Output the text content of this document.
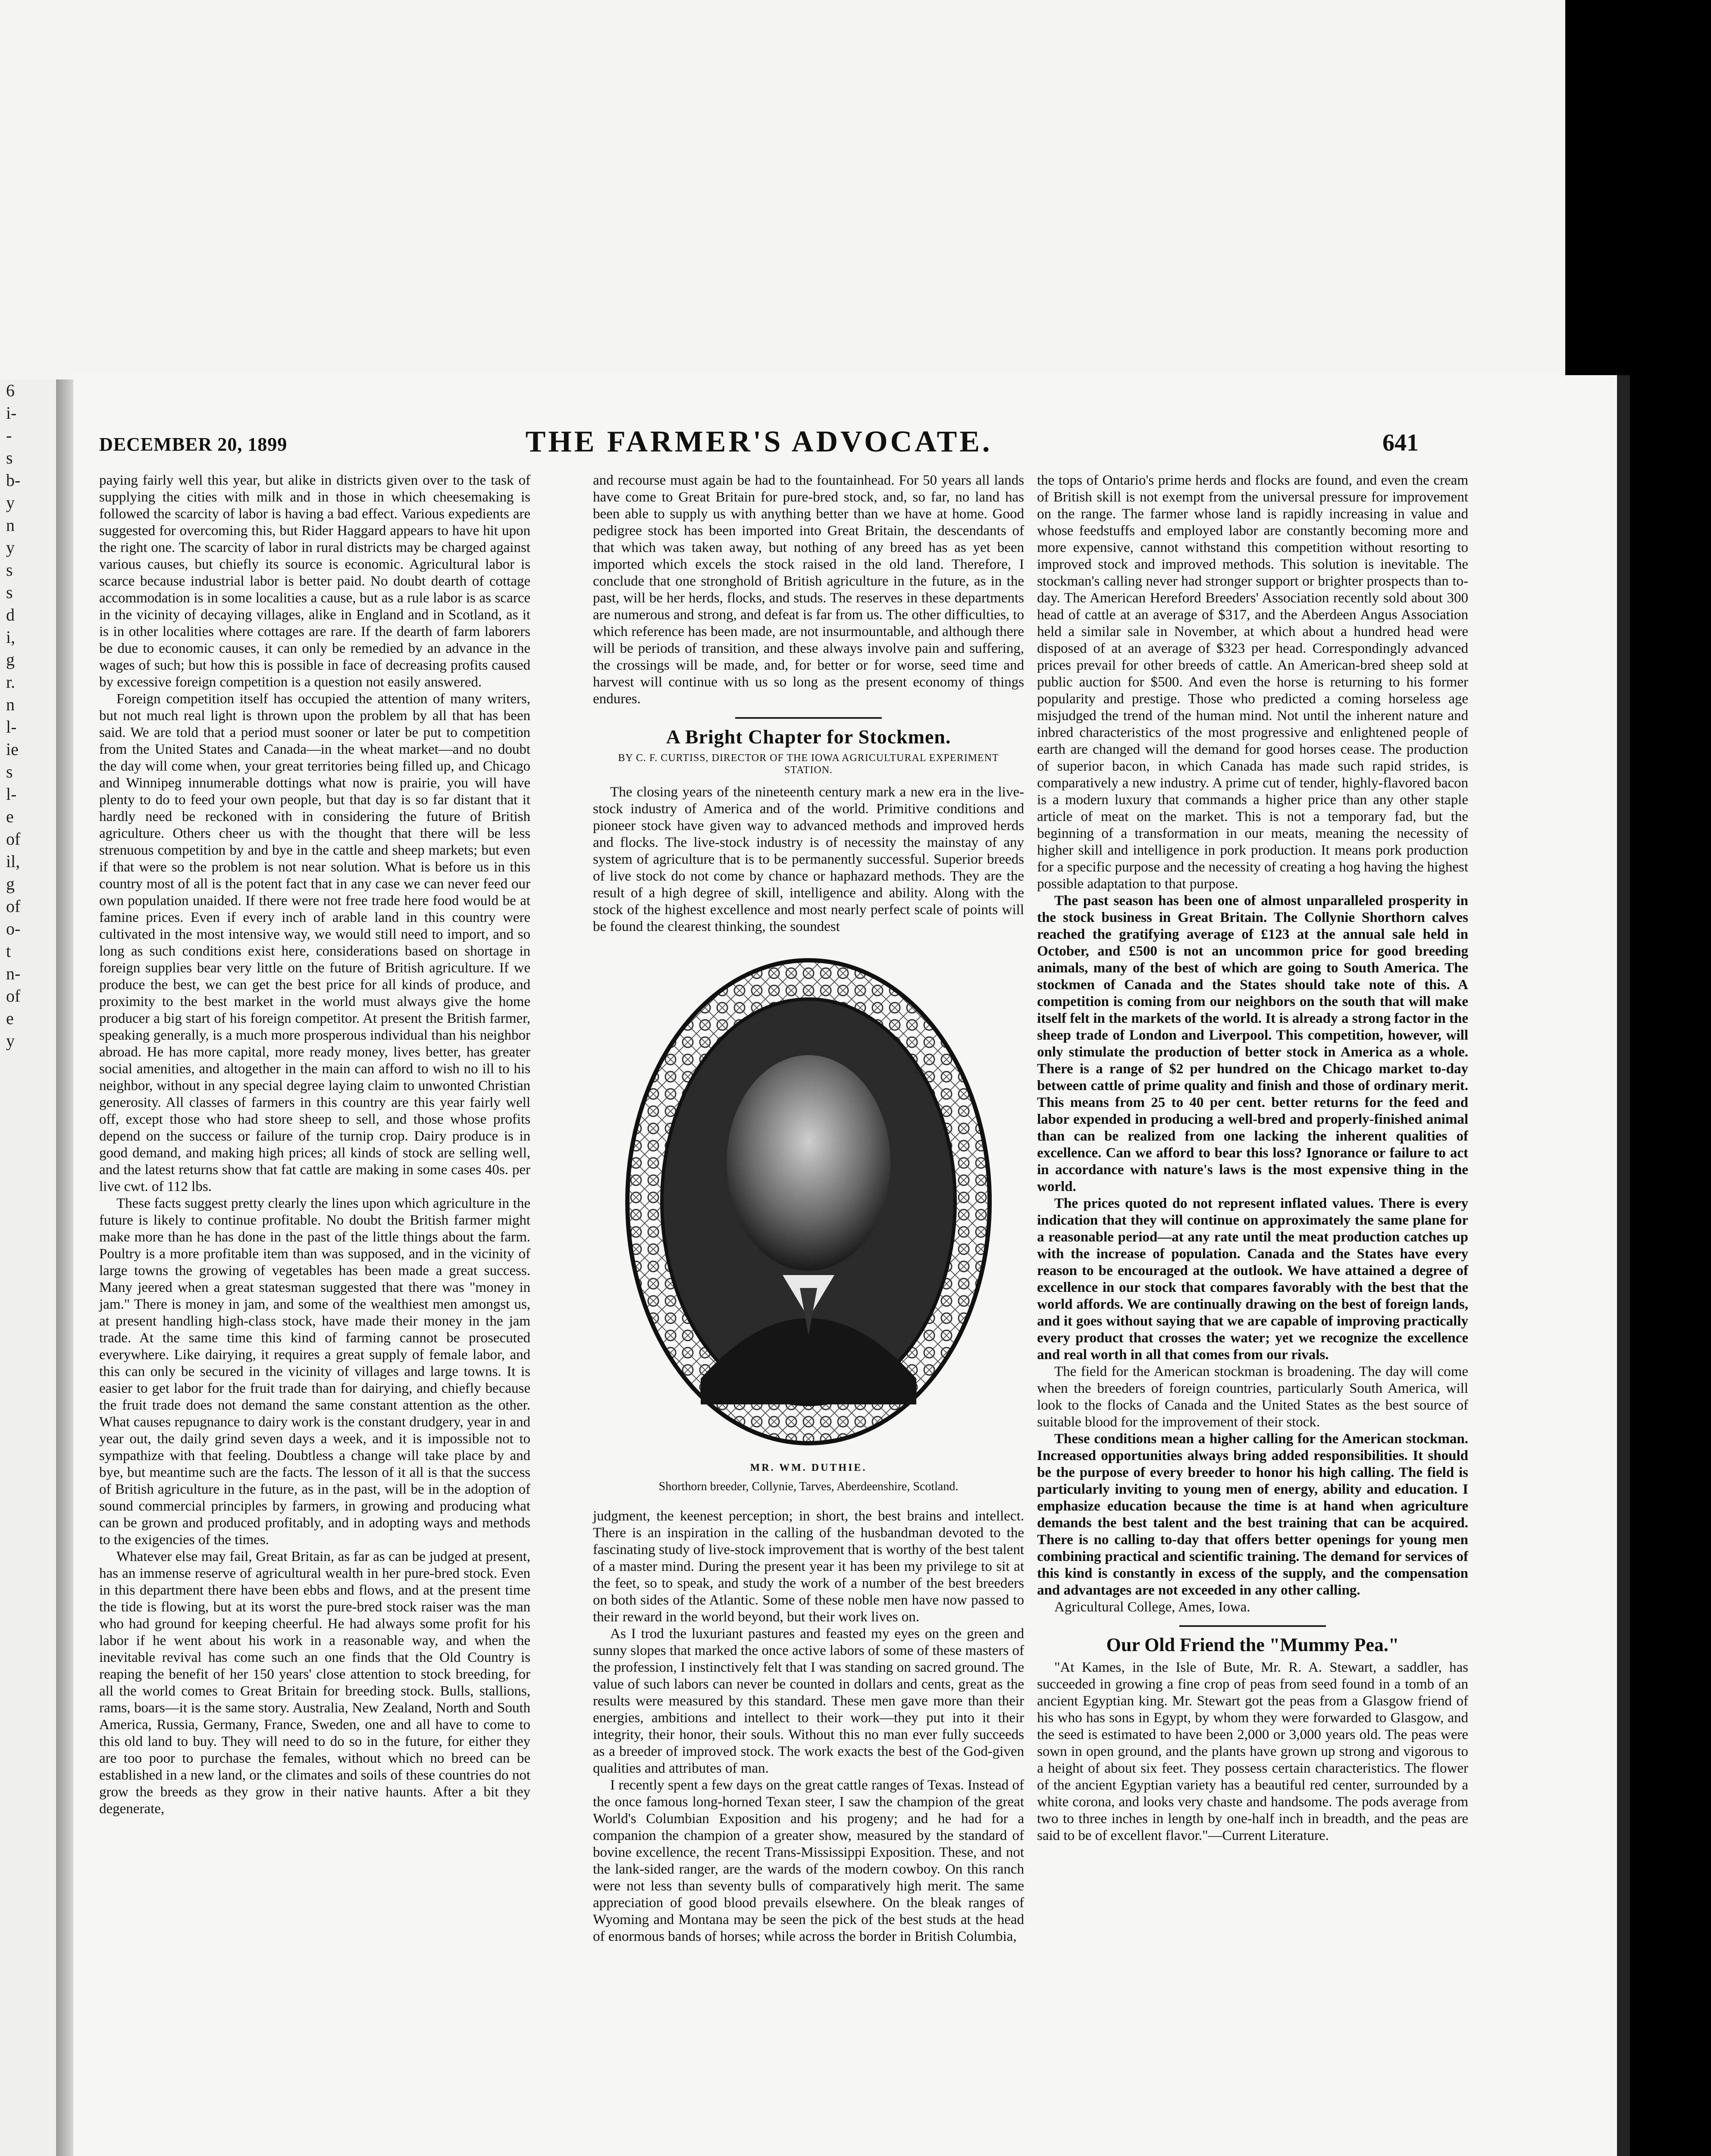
6
i-
-
s
b-
y
n
y
s
s
d
i,
g
r.
n
l-
ie
s
l-
e
of
il,
g
of
o-
t
n-
of
e
y
DECEMBER 20, 1899	THE FARMER'S ADVOCATE.	641

paying fairly well this year, but alike in districts given over to the task of supplying the cities with milk and in those in which cheesemaking is followed the scarcity of labor is having a bad effect. Various expedients are suggested for overcoming this, but Rider Haggard appears to have hit upon the right one. The scarcity of labor in rural districts may be charged against various causes, but chiefly its source is economic. Agricultural labor is scarce because industrial labor is better paid. No doubt dearth of cottage accommodation is in some localities a cause, but as a rule labor is as scarce in the vicinity of decaying villages, alike in England and in Scotland, as it is in other localities where cottages are rare. If the dearth of farm laborers be due to economic causes, it can only be remedied by an advance in the wages of such; but how this is possible in face of decreasing profits caused by excessive foreign competition is a question not easily answered.

Foreign competition itself has occupied the attention of many writers, but not much real light is thrown upon the problem by all that has been said. We are told that a period must sooner or later be put to competition from the United States and Canada—in the wheat market—and no doubt the day will come when, your great territories being filled up, and Chicago and Winnipeg innumerable dottings what now is prairie, you will have plenty to do to feed your own people, but that day is so far distant that it hardly need be reckoned with in considering the future of British agriculture. Others cheer us with the thought that there will be less strenuous competition by and bye in the cattle and sheep markets; but even if that were so the problem is not near solution. What is before us in this country most of all is the potent fact that in any case we can never feed our own population unaided. If there were not free trade here food would be at famine prices. Even if every inch of arable land in this country were cultivated in the most intensive way, we would still need to import, and so long as such conditions exist here, considerations based on shortage in foreign supplies bear very little on the future of British agriculture. If we produce the best, we can get the best price for all kinds of produce, and proximity to the best market in the world must always give the home producer a big start of his foreign competitor. At present the British farmer, speaking generally, is a much more prosperous individual than his neighbor abroad. He has more capital, more ready money, lives better, has greater social amenities, and altogether in the main can afford to wish no ill to his neighbor, without in any special degree laying claim to unwonted Christian generosity. All classes of farmers in this country are this year fairly well off, except those who had store sheep to sell, and those whose profits depend on the success or failure of the turnip crop. Dairy produce is in good demand, and making high prices; all kinds of stock are selling well, and the latest returns show that fat cattle are making in some cases 40s. per live cwt. of 112 lbs.

These facts suggest pretty clearly the lines upon which agriculture in the future is likely to continue profitable. No doubt the British farmer might make more than he has done in the past of the little things about the farm. Poultry is a more profitable item than was supposed, and in the vicinity of large towns the growing of vegetables has been made a great success. Many jeered when a great statesman suggested that there was "money in jam." There is money in jam, and some of the wealthiest men amongst us, at present handling high-class stock, have made their money in the jam trade. At the same time this kind of farming cannot be prosecuted everywhere. Like dairying, it requires a great supply of female labor, and this can only be secured in the vicinity of villages and large towns. It is easier to get labor for the fruit trade than for dairying, and chiefly because the fruit trade does not demand the same constant attention as the other. What causes repugnance to dairy work is the constant drudgery, year in and year out, the daily grind seven days a week, and it is impossible not to sympathize with that feeling. Doubtless a change will take place by and bye, but meantime such are the facts. The lesson of it all is that the success of British agriculture in the future, as in the past, will be in the adoption of sound commercial principles by farmers, in growing and producing what can be grown and produced profitably, and in adopting ways and methods to the exigencies of the times.

Whatever else may fail, Great Britain, as far as can be judged at present, has an immense reserve of agricultural wealth in her pure-bred stock. Even in this department there have been ebbs and flows, and at the present time the tide is flowing, but at its worst the pure-bred stock raiser was the man who had ground for keeping cheerful. He had always some profit for his labor if he went about his work in a reasonable way, and when the inevitable revival has come such an one finds that the Old Country is reaping the benefit of her 150 years' close attention to stock breeding, for all the world comes to Great Britain for breeding stock. Bulls, stallions, rams, boars—it is the same story. Australia, New Zealand, North and South America, Russia, Germany, France, Sweden, one and all have to come to this old land to buy. They will need to do so in the future, for either they are too poor to purchase the females, without which no breed can be established in a new land, or the climates and soils of these countries do not grow the breeds as they grow in their native haunts. After a bit they degenerate,

and recourse must again be had to the fountainhead. For 50 years all lands have come to Great Britain for pure-bred stock, and, so far, no land has been able to supply us with anything better than we have at home. Good pedigree stock has been imported into Great Britain, the descendants of that which was taken away, but nothing of any breed has as yet been imported which excels the stock raised in the old land. Therefore, I conclude that one stronghold of British agriculture in the future, as in the past, will be her herds, flocks, and studs. The reserves in these departments are numerous and strong, and defeat is far from us. The other difficulties, to which reference has been made, are not insurmountable, and although there will be periods of transition, and these always involve pain and suffering, the crossings will be made, and, for better or for worse, seed time and harvest will continue with us so long as the present economy of things endures.

A Bright Chapter for Stockmen.
BY C. F. CURTISS, DIRECTOR OF THE IOWA AGRICULTURAL EXPERIMENT STATION.

The closing years of the nineteenth century mark a new era in the live-stock industry of America and of the world. Primitive conditions and pioneer stock have given way to advanced methods and improved herds and flocks. The live-stock industry is of necessity the mainstay of any system of agriculture that is to be permanently successful. Superior breeds of live stock do not come by chance or haphazard methods. They are the result of a high degree of skill, intelligence and ability. Along with the stock of the highest excellence and most nearly perfect scale of points will be found the clearest thinking, the soundest

MR. WM. DUTHIE.
Shorthorn breeder, Collynie, Tarves, Aberdeenshire, Scotland.

judgment, the keenest perception; in short, the best brains and intellect. There is an inspiration in the calling of the husbandman devoted to the fascinating study of live-stock improvement that is worthy of the best talent of a master mind. During the present year it has been my privilege to sit at the feet, so to speak, and study the work of a number of the best breeders on both sides of the Atlantic. Some of these noble men have now passed to their reward in the world beyond, but their work lives on.

As I trod the luxuriant pastures and feasted my eyes on the green and sunny slopes that marked the once active labors of some of these masters of the profession, I instinctively felt that I was standing on sacred ground. The value of such labors can never be counted in dollars and cents, great as the results were measured by this standard. These men gave more than their energies, ambitions and intellect to their work—they put into it their integrity, their honor, their souls. Without this no man ever fully succeeds as a breeder of improved stock. The work exacts the best of the God-given qualities and attributes of man.

I recently spent a few days on the great cattle ranges of Texas. Instead of the once famous long-horned Texan steer, I saw the champion of the great World's Columbian Exposition and his progeny; and he had for a companion the champion of a greater show, measured by the standard of bovine excellence, the recent Trans-Mississippi Exposition. These, and not the lank-sided ranger, are the wards of the modern cowboy. On this ranch were not less than seventy bulls of comparatively high merit. The same appreciation of good blood prevails elsewhere. On the bleak ranges of Wyoming and Montana may be seen the pick of the best studs at the head of enormous bands of horses; while across the border in British Columbia,

the tops of Ontario's prime herds and flocks are found, and even the cream of British skill is not exempt from the universal pressure for improvement on the range. The farmer whose land is rapidly increasing in value and whose feedstuffs and employed labor are constantly becoming more and more expensive, cannot withstand this competition without resorting to improved stock and improved methods. This solution is inevitable. The stockman's calling never had stronger support or brighter prospects than to-day. The American Hereford Breeders' Association recently sold about 300 head of cattle at an average of $317, and the Aberdeen Angus Association held a similar sale in November, at which about a hundred head were disposed of at an average of $323 per head. Correspondingly advanced prices prevail for other breeds of cattle. An American-bred sheep sold at public auction for $500. And even the horse is returning to his former popularity and prestige. Those who predicted a coming horseless age misjudged the trend of the human mind. Not until the inherent nature and inbred characteristics of the most progressive and enlightened people of earth are changed will the demand for good horses cease. The production of superior bacon, in which Canada has made such rapid strides, is comparatively a new industry. A prime cut of tender, highly-flavored bacon is a modern luxury that commands a higher price than any other staple article of meat on the market. This is not a temporary fad, but the beginning of a transformation in our meats, meaning the necessity of higher skill and intelligence in pork production. It means pork production for a specific purpose and the necessity of creating a hog having the highest possible adaptation to that purpose.

The past season has been one of almost unparalleled prosperity in the stock business in Great Britain. The Collynie Shorthorn calves reached the gratifying average of £123 at the annual sale held in October, and £500 is not an uncommon price for good breeding animals, many of the best of which are going to South America. The stockmen of Canada and the States should take note of this. A competition is coming from our neighbors on the south that will make itself felt in the markets of the world. It is already a strong factor in the sheep trade of London and Liverpool. This competition, however, will only stimulate the production of better stock in America as a whole. There is a range of $2 per hundred on the Chicago market to-day between cattle of prime quality and finish and those of ordinary merit. This means from 25 to 40 per cent. better returns for the feed and labor expended in producing a well-bred and properly-finished animal than can be realized from one lacking the inherent qualities of excellence. Can we afford to bear this loss? Ignorance or failure to act in accordance with nature's laws is the most expensive thing in the world.

The prices quoted do not represent inflated values. There is every indication that they will continue on approximately the same plane for a reasonable period—at any rate until the meat production catches up with the increase of population. Canada and the States have every reason to be encouraged at the outlook. We have attained a degree of excellence in our stock that compares favorably with the best that the world affords. We are continually drawing on the best of foreign lands, and it goes without saying that we are capable of improving practically every product that crosses the water; yet we recognize the excellence and real worth in all that comes from our rivals.

The field for the American stockman is broadening. The day will come when the breeders of foreign countries, particularly South America, will look to the flocks of Canada and the United States as the best source of suitable blood for the improvement of their stock.

These conditions mean a higher calling for the American stockman. Increased opportunities always bring added responsibilities. It should be the purpose of every breeder to honor his high calling. The field is particularly inviting to young men of energy, ability and education. I emphasize education because the time is at hand when agriculture demands the best talent and the best training that can be acquired. There is no calling to-day that offers better openings for young men combining practical and scientific training. The demand for services of this kind is constantly in excess of the supply, and the compensation and advantages are not exceeded in any other calling.

Agricultural College, Ames, Iowa.

Our Old Friend the "Mummy Pea."

"At Kames, in the Isle of Bute, Mr. R. A. Stewart, a saddler, has succeeded in growing a fine crop of peas from seed found in a tomb of an ancient Egyptian king. Mr. Stewart got the peas from a Glasgow friend of his who has sons in Egypt, by whom they were forwarded to Glasgow, and the seed is estimated to have been 2,000 or 3,000 years old. The peas were sown in open ground, and the plants have grown up strong and vigorous to a height of about six feet. They possess certain characteristics. The flower of the ancient Egyptian variety has a beautiful red center, surrounded by a white corona, and looks very chaste and handsome. The pods average from two to three inches in length by one-half inch in breadth, and the peas are said to be of excellent flavor."—Current Literature.
